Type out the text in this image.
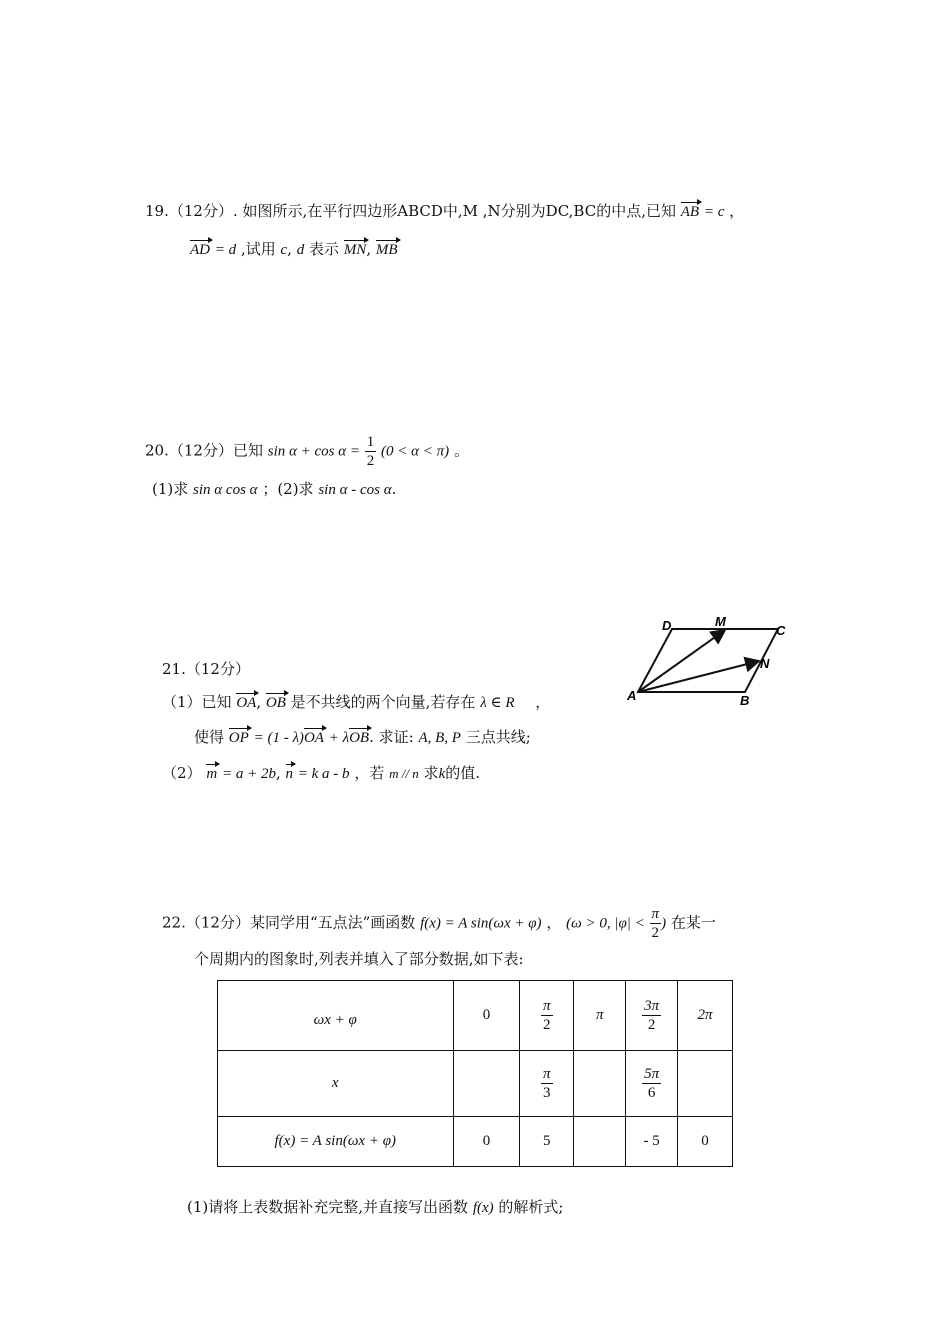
19.（12分）. 如图所示,在平行四边形ABCD中,M ,N分别为DC,BC的中点,已知 AB = c ，
AD = d ,试用 c, d 表示 MN, MB
20.（12分）已知 $\sin \alpha + \cos \alpha = \frac{1}{2} (0 < \alpha < \pi)$ 。
(1)求 sin α cos α ；(2)求 sin α - cos α.
D	M
C
N
A	B
21.（12分）
（1）已知 OA, OB 是不共线的两个向量,若存在 λ ∈ R ，
使得 OP = (1 - λ)OA + λOB. 求证: A, B, P 三点共线;
（2） m = a + 2b, n = k a - b ，若 m // n 求k的值.
22.（12分）某同学用“五点法”画函数 f(x) = A sin(ωx + φ) ， (ω > 0, $|\varphi| < \frac{\pi}{2}$ ) 在某一
个周期内的图象时,列表并填入了部分数据,如下表:
ωx + φ	0	$\frac{\pi}{2}$	π	$\frac{3\pi}{2}$	2π
x		$\frac{\pi}{3}$		$\frac{5\pi}{6}$

f(x) = A sin(ωx + φ)	0	5		- 5	0
(1)请将上表数据补充完整,并直接写出函数 f(x) 的解析式;
